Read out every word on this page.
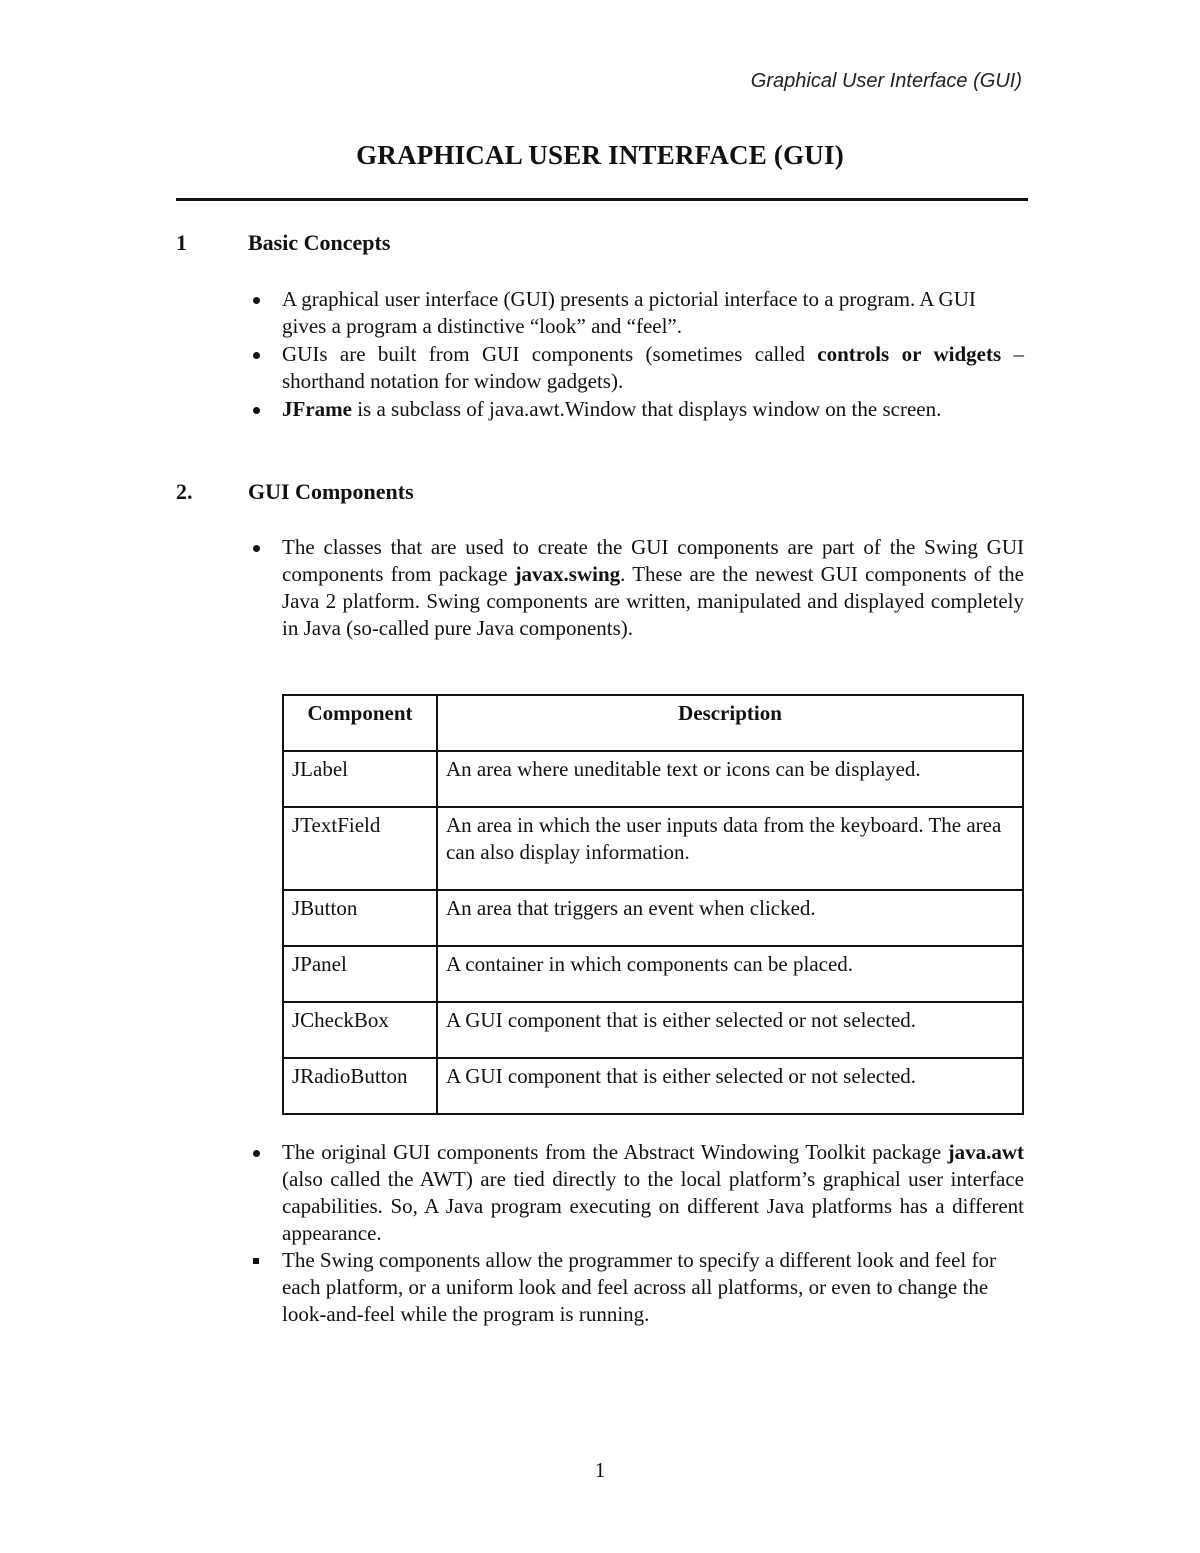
Graphical User Interface (GUI)
GRAPHICAL USER INTERFACE (GUI)
1	Basic Concepts
A graphical user interface (GUI) presents a pictorial interface to a program. A GUI gives a program a distinctive “look” and “feel”.
GUIs are built from GUI components (sometimes called controls or widgets – shorthand notation for window gadgets).
JFrame is a subclass of java.awt.Window that displays window on the screen.
2.	GUI Components
The classes that are used to create the GUI components are part of the Swing GUI components from package javax.swing. These are the newest GUI components of the Java 2 platform. Swing components are written, manipulated and displayed completely in Java (so-called pure Java components).
Component	Description
JLabel	An area where uneditable text or icons can be displayed.
JTextField	An area in which the user inputs data from the keyboard. The area can also display information.
JButton	An area that triggers an event when clicked.
JPanel	A container in which components can be placed.
JCheckBox	A GUI component that is either selected or not selected.
JRadioButton	A GUI component that is either selected or not selected.
The original GUI components from the Abstract Windowing Toolkit package java.awt (also called the AWT) are tied directly to the local platform’s graphical user interface capabilities. So, A Java program executing on different Java platforms has a different appearance.
The Swing components allow the programmer to specify a different look and feel for each platform, or a uniform look and feel across all platforms, or even to change the look-and-feel while the program is running.
1
